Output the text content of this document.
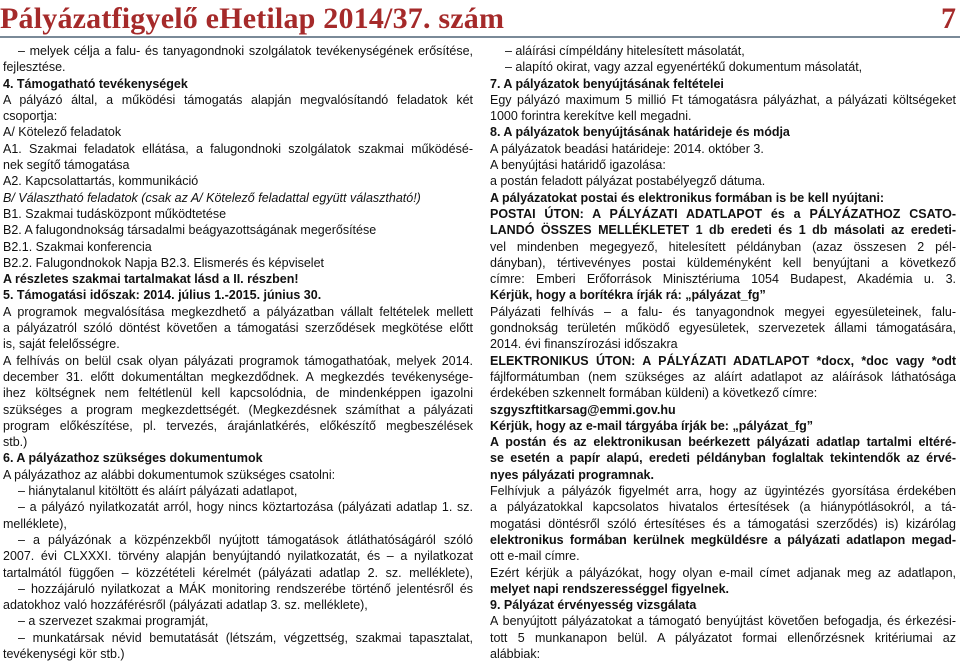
Pályázatfigyelő eHetilap 2014/37. szám	7
– melyek célja a falu- és tanyagondnoki szolgálatok tevékenységének erősítése,
fejlesztése.
4. Támogatható tevékenységek
A pályázó által, a működési támogatás alapján megvalósítandó feladatok két
csoportja:
A/ Kötelező feladatok
A1. Szakmai feladatok ellátása, a falugondnoki szolgálatok szakmai működésé-
nek segítő támogatása
A2. Kapcsolattartás, kommunikáció
B/ Választható feladatok (csak az A/ Kötelező feladattal együtt választható!)
B1. Szakmai tudásközpont működtetése
B2. A falugondnokság társadalmi beágyazottságának megerősítése
B2.1. Szakmai konferencia
B2.2. Falugondnokok Napja B2.3. Elismerés és képviselet
A részletes szakmai tartalmakat lásd a II. részben!
5. Támogatási időszak: 2014. július 1.-2015. június 30.
A programok megvalósítása megkezdhető a pályázatban vállalt feltételek mellett
a pályázatról szóló döntést követően a támogatási szerződések megkötése előtt
is, saját felelősségre.
A felhívás on belül csak olyan pályázati programok támogathatóak, melyek 2014.
december 31. előtt dokumentáltan megkezdődnek. A megkezdés tevékenysége-
ihez költségnek nem feltétlenül kell kapcsolódnia, de mindenképpen igazolni
szükséges a program megkezdettségét. (Megkezdésnek számíthat a pályázati
program előkészítése, pl. tervezés, árajánlatkérés, előkészítő megbeszélések
stb.)
6. A pályázathoz szükséges dokumentumok
A pályázathoz az alábbi dokumentumok szükséges csatolni:
– hiánytalanul kitöltött és aláírt pályázati adatlapot,
– a pályázó nyilatkozatát arról, hogy nincs köztartozása (pályázati adatlap 1. sz.
melléklete),
– a pályázónak a közpénzekből nyújtott támogatások átláthatóságáról szóló
2007. évi CLXXXI. törvény alapján benyújtandó nyilatkozatát, és – a nyilatkozat
tartalmától függően – közzétételi kérelmét (pályázati adatlap 2. sz. melléklete),
– hozzájáruló nyilatkozat a MÁK monitoring rendszerébe történő jelentésről és
adatokhoz való hozzáférésről (pályázati adatlap 3. sz. melléklete),
– a szervezet szakmai programját,
– munkatársak névid bemutatását (létszám, végzettség, szakmai tapasztalat,
tevékenységi kör stb.)
– aláírási címpéldány hitelesített másolatát,
– alapító okirat, vagy azzal egyenértékű dokumentum másolatát,
7. A pályázatok benyújtásának feltételei
Egy pályázó maximum 5 millió Ft támogatásra pályázhat, a pályázati költségeket
1000 forintra kerekítve kell megadni.
8. A pályázatok benyújtásának határideje és módja
A pályázatok beadási határideje: 2014. október 3.
A benyújtási határidő igazolása:
a postán feladott pályázat postabélyegző dátuma.
A pályázatokat postai és elektronikus formában is be kell nyújtani:
POSTAI ÚTON: A PÁLYÁZATI ADATLAPOT és a PÁLYÁZATHOZ CSATO-
LANDÓ ÖSSZES MELLÉKLETET 1 db eredeti és 1 db másolati az eredeti-
vel mindenben megegyező, hitelesített példányban (azaz összesen 2 pél-
dányban), tértivevényes postai küldeményként kell benyújtani a következő
címre: Emberi Erőforrások Minisztériuma 1054 Budapest, Akadémia u. 3.
Kérjük, hogy a borítékra írják rá: „pályázat_fg”
Pályázati felhívás – a falu- és tanyagondnok megyei egyesületeinek, falu-
gondnokság területén működő egyesületek, szervezetek állami támogatására,
2014. évi finanszírozási időszakra
ELEKTRONIKUS ÚTON: A PÁLYÁZATI ADATLAPOT *docx, *doc vagy *odt
fájlformátumban (nem szükséges az aláírt adatlapot az aláírások láthatósága
érdekében szkennelt formában küldeni) a következő címre:
szgyszftitkarsag@emmi.gov.hu
Kérjük, hogy az e-mail tárgyába írják be: „pályázat_fg”
A postán és az elektronikusan beérkezett pályázati adatlap tartalmi eltéré-
se esetén a papír alapú, eredeti példányban foglaltak tekintendők az érvé-
nyes pályázati programnak.
Felhívjuk a pályázók figyelmét arra, hogy az ügyintézés gyorsítása érdekében
a pályázatokkal kapcsolatos hivatalos értesítések (a hiánypótlásokról, a tá-
mogatási döntésről szóló értesítéses és a támogatási szerződés) is) kizárólag
elektronikus formában kerülnek megküldésre a pályázati adatlapon megad-
ott e-mail címre.
Ezért kérjük a pályázókat, hogy olyan e-mail címet adjanak meg az adatlapon,
melyet napi rendszerességgel figyelnek.
9. Pályázat érvényesség vizsgálata
A benyújtott pályázatokat a támogató benyújtást követően befogadja, és érkezési-
tott 5 munkanapon belül. A pályázatot formai ellenőrzésnek kritériumai az
alábbiak:
